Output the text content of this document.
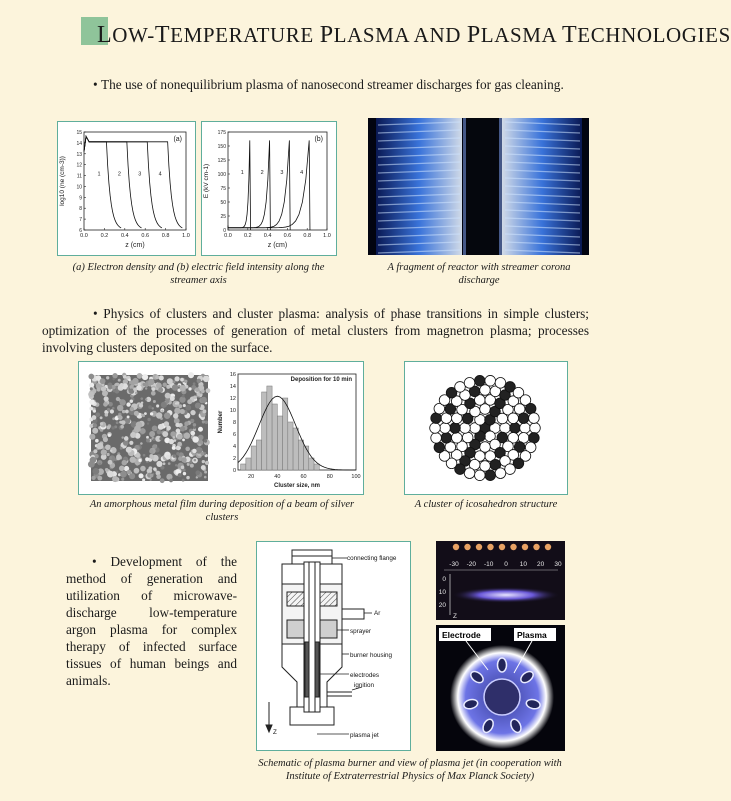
LOW-TEMPERATURE PLASMA AND PLASMA TECHNOLOGIES
• The use of nonequilibrium plasma of nanosecond streamer discharges for gas cleaning.
0.0 0.2 0.4 0.6 0.8 1.0
6
7
8
9
10
11
12
13
14
15
z (cm)
log10 (ne (cm-3))
(a)
1	2	3	4
0.0 0.2 0.4 0.6 0.8 1.0
0
25
50
75
100
125
150
175
z (cm)
E (kV cm-1)
(b)
1	2	3	4
(a) Electron density and (b) electric field intensity along the streamer axis
A fragment of reactor with streamer corona discharge
• Physics of clusters and cluster plasma: analysis of phase transitions in simple clusters; optimization of the processes of generation of metal clusters from magnetron plasma; processes involving clusters deposited on the surface.
20	40	60	80	100
0
2
4
6
8
10
12
14
16
Deposition for 10 min
Cluster size, nm
Number
An amorphous metal film during deposition of a beam of silver clusters
A cluster of icosahedron structure
• Development of the method of generation and utilization of microwave-discharge low-temperature argon plasma for complex therapy of infected surface tissues of human beings and animals.
connecting flange
Ar
sprayer
burner housing
electrodes
ignition
plasma jet
Z
-30 -20 -10 0 10 20 30
0
10
20
Z
Electrode	Plasma
Schematic of plasma burner and view of plasma jet (in cooperation with Institute of Extraterrestrial Physics of Max Planck Society)
